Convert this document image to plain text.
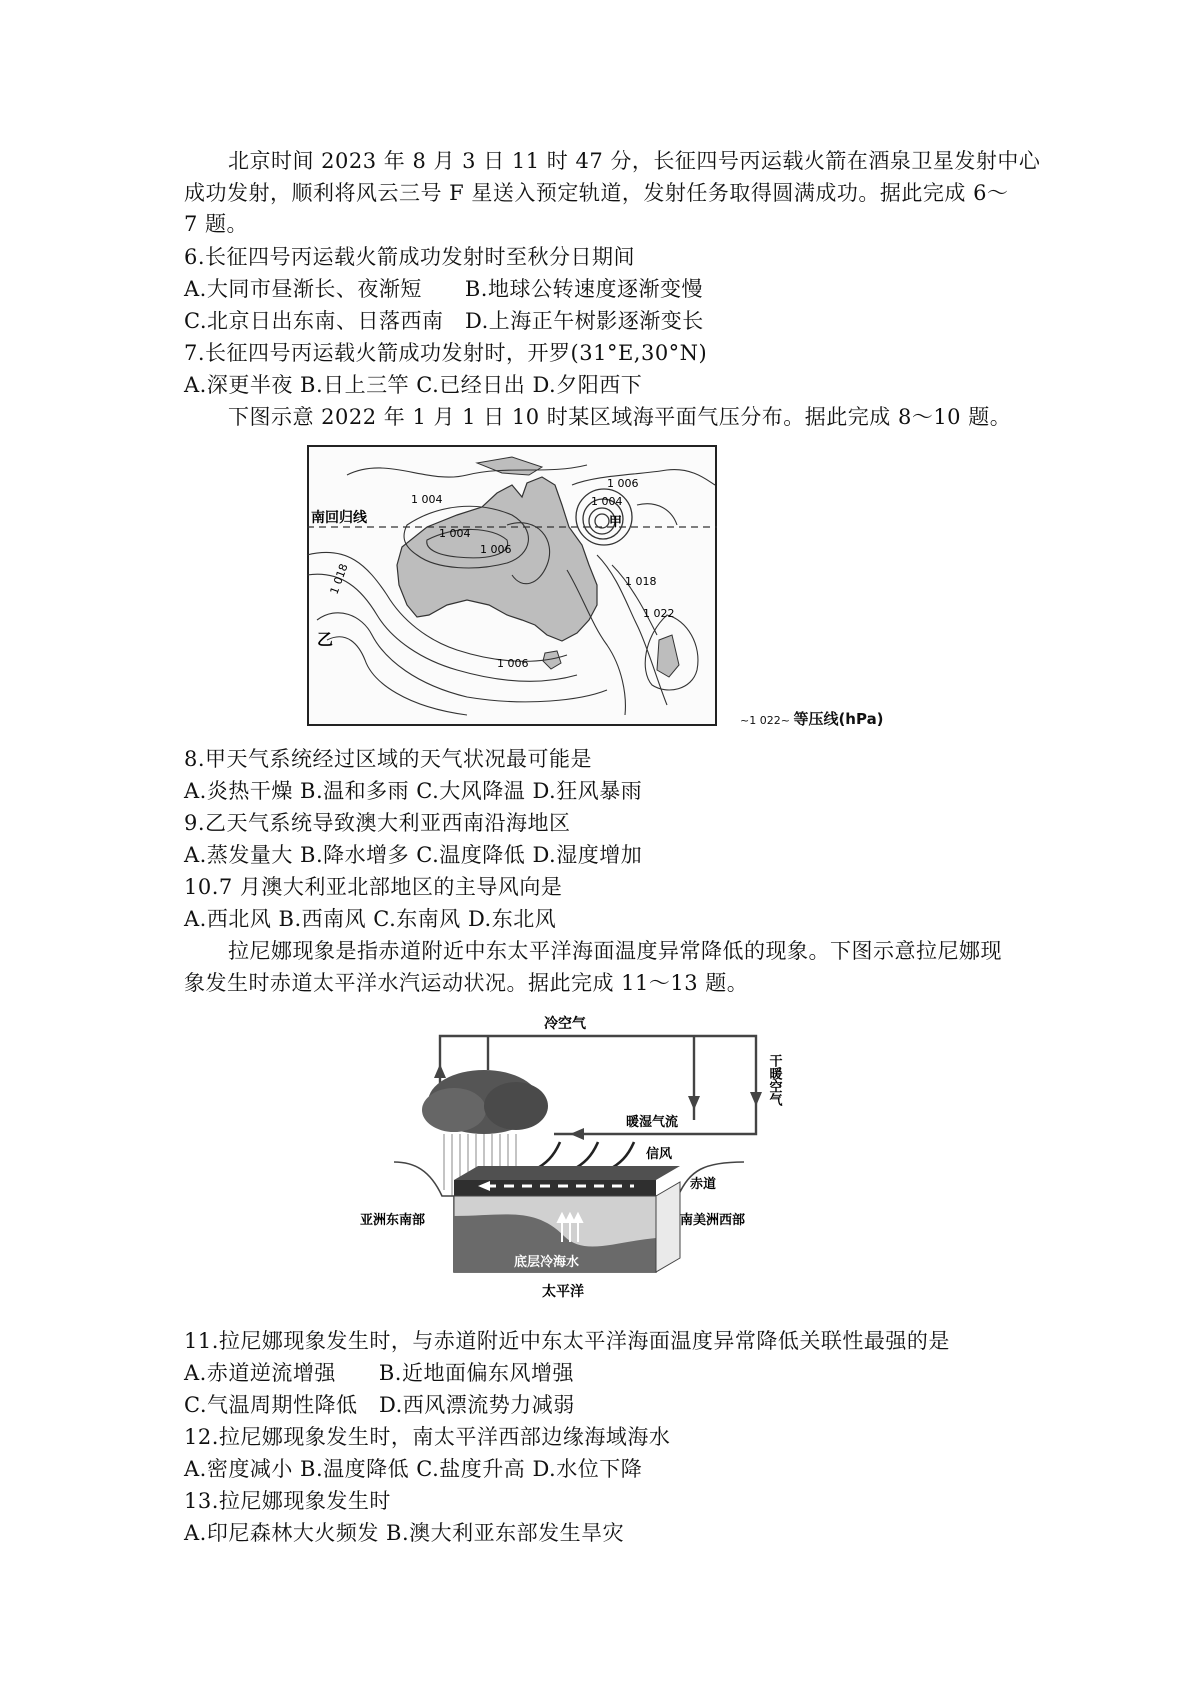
北京时间 2023 年 8 月 3 日 11 时 47 分，长征四号丙运载火箭在酒泉卫星发射中心
成功发射，顺利将风云三号 F 星送入预定轨道，发射任务取得圆满成功。据此完成 6～
7 题。
6.长征四号丙运载火箭成功发射时至秋分日期间
A.大同市昼渐长、夜渐短　　B.地球公转速度逐渐变慢
C.北京日出东南、日落西南　D.上海正午树影逐渐变长
7.长征四号丙运载火箭成功发射时，开罗(31°E,30°N)
A.深更半夜 B.日上三竿 C.已经日出 D.夕阳西下
下图示意 2022 年 1 月 1 日 10 时某区域海平面气压分布。据此完成 8～10 题。
南回归线
1 004
1 004
1 006
1 006
1 004
1 018	1 018
1 022
1 006
甲
乙
~1 022~ 等压线(hPa)
8.甲天气系统经过区域的天气状况最可能是
A.炎热干燥 B.温和多雨 C.大风降温 D.狂风暴雨
9.乙天气系统导致澳大利亚西南沿海地区
A.蒸发量大 B.降水增多 C.温度降低 D.湿度增加
10.7 月澳大利亚北部地区的主导风向是
A.西北风 B.西南风 C.东南风 D.东北风
拉尼娜现象是指赤道附近中东太平洋海面温度异常降低的现象。下图示意拉尼娜现
象发生时赤道太平洋水汽运动状况。据此完成 11～13 题。
冷空气
暖湿气流
信风
赤道
亚洲东南部	南美洲西部
底层冷海水
太平洋
干暖空气
11.拉尼娜现象发生时，与赤道附近中东太平洋海面温度异常降低关联性最强的是
A.赤道逆流增强　　B.近地面偏东风增强
C.气温周期性降低　D.西风漂流势力减弱
12.拉尼娜现象发生时，南太平洋西部边缘海域海水
A.密度减小 B.温度降低 C.盐度升高 D.水位下降
13.拉尼娜现象发生时
A.印尼森林大火频发 B.澳大利亚东部发生旱灾
